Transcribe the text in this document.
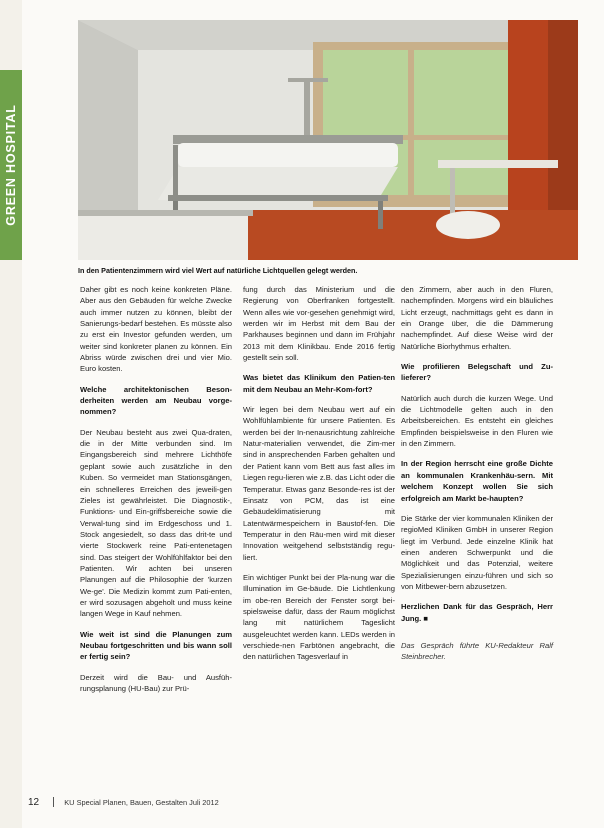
GREEN HOSPITAL
In den Patientenzimmern wird viel Wert auf natürliche Lichtquellen gelegt werden.

Daher gibt es noch keine konkreten Pläne. Aber aus den Gebäuden für welche Zwecke auch immer nutzen zu können, bleibt der Sanierungs-bedarf bestehen. Es müsste also zu erst ein Investor gefunden werden, um weiter sind konkreter planen zu können. Ein Abriss würde zwischen drei und vier Mio. Euro kosten.

Welche architektonischen Beson-derheiten werden am Neubau vorge-nommen?

Der Neubau besteht aus zwei Qua-draten, die in der Mitte verbunden sind. Im Eingangsbereich sind mehrere Lichthöfe geplant sowie auch zusätzliche in den Kuben. So vermeidet man Stationsgängen, ein schnelleres Erreichen des jeweili-gen Zieles ist gewährleistet. Die Diagnostik-, Funktions- und Ein-griffsbereiche sowie die Verwal-tung sind im Erdgeschoss und 1. Stock angesiedelt, so dass das drit-te und vierte Stockwerk reine Pati-entenetagen sind. Das steigert der Wohlfühlfaktor bei den Patienten. Wir achten bei unseren Planungen auf die Philosophie der 'kurzen We-ge'. Die Medizin kommt zum Pati-enten, er wird sozusagen abgeholt und muss keine langen Wege in Kauf nehmen.

Wie weit ist sind die Planungen zum Neubau fortgeschritten und bis wann soll er fertig sein?

Derzeit wird die Bau- und Ausfüh-rungsplanung (HU-Bau) zur Prü-

fung durch das Ministerium und die Regierung von Oberfranken fortgestellt. Wenn alles wie vor-gesehen genehmigt wird, werden wir im Herbst mit dem Bau der Parkhauses beginnen und dann im Frühjahr 2013 mit dem Klinikbau. Ende 2016 fertig gestellt sein soll.

Was bietet das Klinikum den Patien-ten mit dem Neubau an Mehr-Kom-fort?

Wir legen bei dem Neubau wert auf ein Wohlfühlambiente für unsere Patienten. Es werden bei der In-nenausrichtung zahlreiche Natur-materialien verwendet, die Zim-mer sind in ansprechenden Farben gehalten und der Patient kann vom Bett aus fast alles im Liegen regu-lieren wie z.B. das Licht oder die Temperatur. Etwas ganz Besonde-res ist der Einsatz von PCM, das ist eine Gebäudeklimatisierung mit Latentwärmespeichern in Baustof-fen. Die Temperatur in den Räu-men wird mit dieser Innovation weitgehend selbstständig regu-liert.

Ein wichtiger Punkt bei der Pla-nung war die Illumination im Ge-bäude. Die Lichtlenkung im obe-ren Bereich der Fenster sorgt bei-spielsweise dafür, dass der Raum möglichst lang mit natürlichem Tageslicht ausgeleuchtet werden kann. LEDs werden in verschiede-nen Farbtönen angebracht, die den natürlichen Tagesverlauf in

den Zimmern, aber auch in den Fluren, nachempfinden. Morgens wird ein bläuliches Licht erzeugt, nachmittags geht es dann in ein Orange über, die die Dämmerung nachempfindet. Auf diese Weise wird der Natürliche Biorhythmus erhalten.

Wie profilieren Belegschaft und Zu-lieferer?

Natürlich auch durch die kurzen Wege. Und die Lichtmodelle gelten auch in den Arbeitsbereichen. Es entsteht ein gleiches Empfinden beispielsweise in den Fluren wie in den Zimmern.

In der Region herrscht eine große Dichte an kommunalen Krankenhäu-sern. Mit welchem Konzept wollen Sie sich erfolgreich am Markt be-haupten?

Die Stärke der vier kommunalen Kliniken der regioMed Kliniken GmbH in unserer Region liegt im Verbund. Jede einzelne Klinik hat einen anderen Schwerpunkt und die Möglichkeit und das Potenzial, weitere Spezialisierungen einzu-führen und sich so von Mitbewer-bern abzusetzen.

Herzlichen Dank für das Gespräch, Herr Jung. ■

Das Gespräch führte KU-Redakteur Ralf Steinbrecher.

12	KU Special Planen, Bauen, Gestalten Juli 2012
